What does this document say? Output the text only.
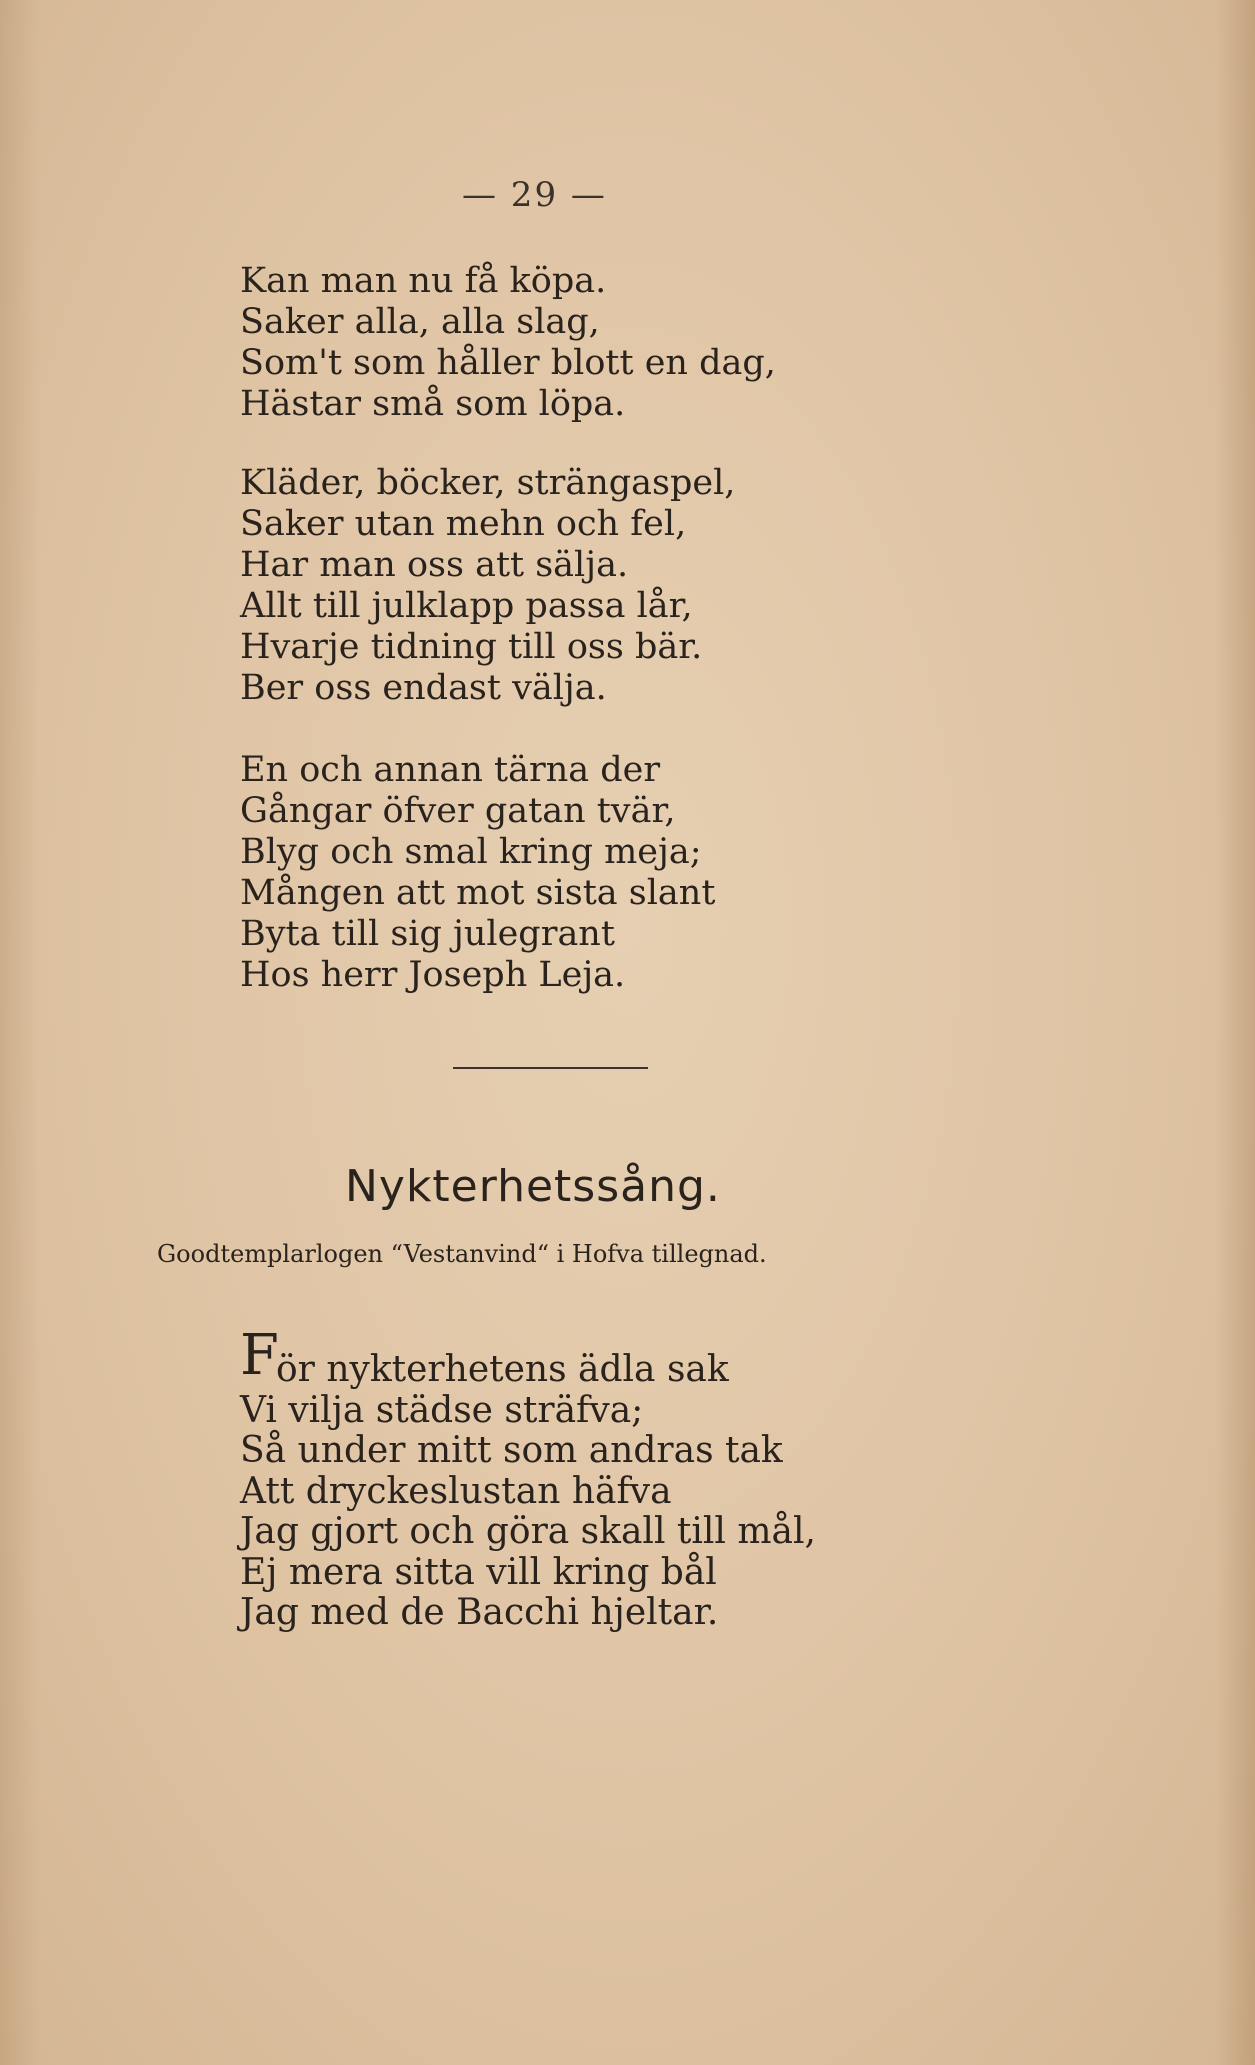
— 29 —
Kan man nu få köpa.
Saker alla, alla slag,
Som't som håller blott en dag,
Hästar små som löpa.
Kläder, böcker, strängaspel,
Saker utan mehn och fel,
Har man oss att sälja.
Allt till julklapp passa lår,
Hvarje tidning till oss bär.
Ber oss endast välja.
En och annan tärna der
Gångar öfver gatan tvär,
Blyg och smal kring meja;
Mången att mot sista slant
Byta till sig julegrant
Hos herr Joseph Leja.
Nykterhetssång.
Goodtemplarlogen “Vestanvind“ i Hofva tillegnad.
F
ör nykterhetens ädla sak
Vi vilja städse sträfva;
Så under mitt som andras tak
Att dryckeslustan häfva
Jag gjort och göra skall till mål,
Ej mera sitta vill kring bål
Jag med de Bacchi hjeltar.
